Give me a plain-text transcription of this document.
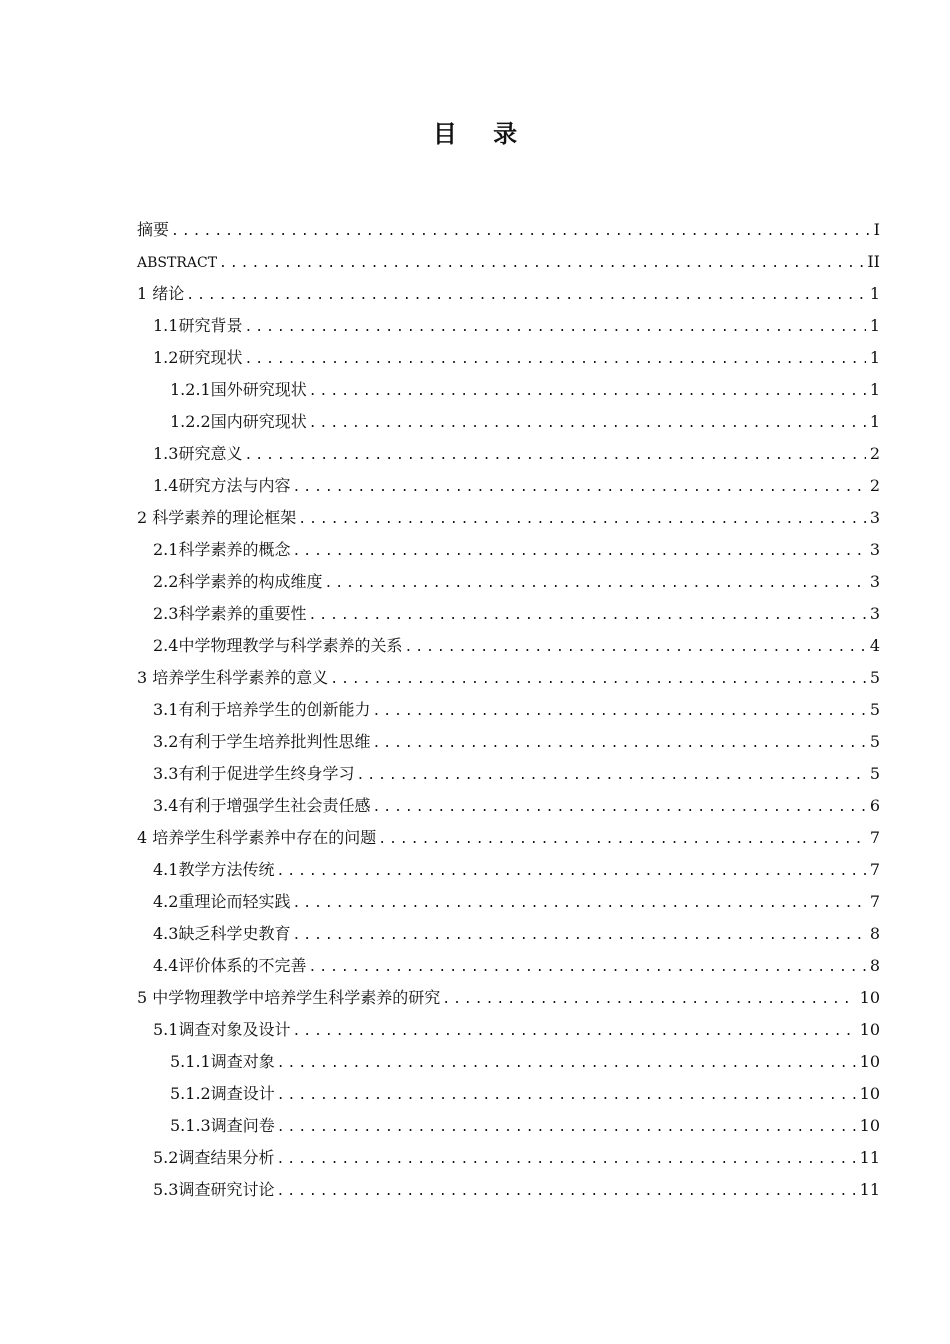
目 录
摘要 .....	I
ABSTRACT .....	II
1 绪论 .....	1
1.1研究背景 .....	1
1.2研究现状 .....	1
1.2.1国外研究现状 .....	1
1.2.2国内研究现状 .....	1
1.3研究意义 .....	2
1.4研究方法与内容 .....	2
2 科学素养的理论框架 .....	3
2.1科学素养的概念 .....	3
2.2科学素养的构成维度 .....	3
2.3科学素养的重要性 .....	3
2.4中学物理教学与科学素养的关系 .....	4
3 培养学生科学素养的意义 .....	5
3.1有利于培养学生的创新能力 .....	5
3.2有利于学生培养批判性思维 .....	5
3.3有利于促进学生终身学习 .....	5
3.4有利于增强学生社会责任感 .....	6
4 培养学生科学素养中存在的问题 .....	7
4.1教学方法传统 .....	7
4.2重理论而轻实践 .....	7
4.3缺乏科学史教育 .....	8
4.4评价体系的不完善 .....	8
5 中学物理教学中培养学生科学素养的研究 .....	10
5.1调查对象及设计 .....	10
5.1.1调查对象 .....	10
5.1.2调查设计 .....	10
5.1.3调查问卷 .....	10
5.2调查结果分析 .....	11
5.3调查研究讨论 .....	11
